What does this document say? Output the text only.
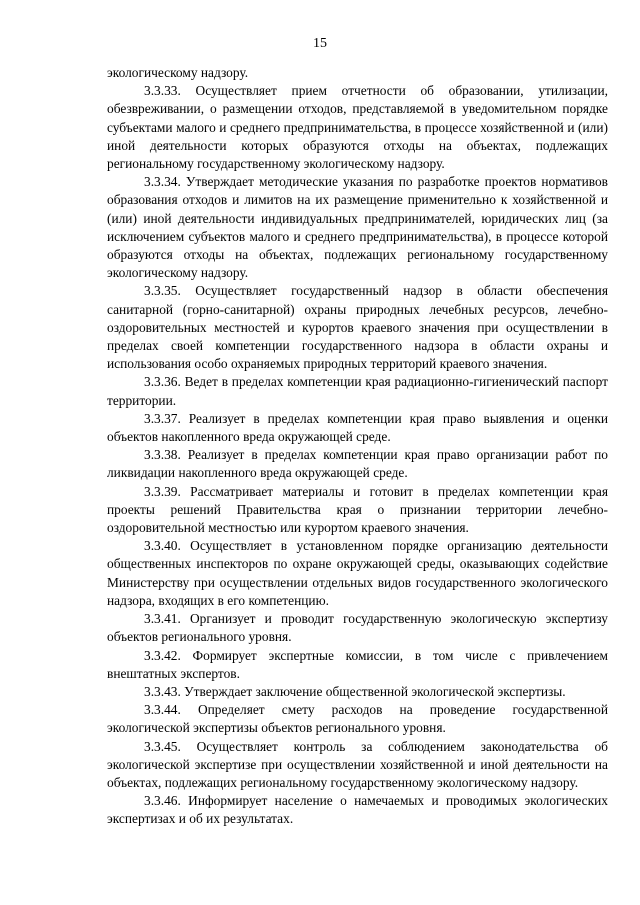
15

экологическому надзору.

3.3.33. Осуществляет прием отчетности об образовании, утилизации, обезвреживании, о размещении отходов, представляемой в уведомительном порядке субъектами малого и среднего предпринимательства, в процессе хозяйственной и (или) иной деятельности которых образуются отходы на объектах, подлежащих региональному государственному экологическому надзору.

3.3.34. Утверждает методические указания по разработке проектов нормативов образования отходов и лимитов на их размещение применительно к хозяйственной и (или) иной деятельности индивидуальных предпринимателей, юридических лиц (за исключением субъектов малого и среднего предпринимательства), в процессе которой образуются отходы на объектах, подлежащих региональному государственному экологическому надзору.

3.3.35. Осуществляет государственный надзор в области обеспечения санитарной (горно-санитарной) охраны природных лечебных ресурсов, лечебно-оздоровительных местностей и курортов краевого значения при осуществлении в пределах своей компетенции государственного надзора в области охраны и использования особо охраняемых природных территорий краевого значения.

3.3.36. Ведет в пределах компетенции края радиационно-гигиенический паспорт территории.

3.3.37. Реализует в пределах компетенции края право выявления и оценки объектов накопленного вреда окружающей среде.

3.3.38. Реализует в пределах компетенции края право организации работ по ликвидации накопленного вреда окружающей среде.

3.3.39. Рассматривает материалы и готовит в пределах компетенции края проекты решений Правительства края о признании территории лечебно-оздоровительной местностью или курортом краевого значения.

3.3.40. Осуществляет в установленном порядке организацию деятельности общественных инспекторов по охране окружающей среды, оказывающих содействие Министерству при осуществлении отдельных видов государственного экологического надзора, входящих в его компетенцию.

3.3.41. Организует и проводит государственную экологическую экспертизу объектов регионального уровня.

3.3.42. Формирует экспертные комиссии, в том числе с привлечением внештатных экспертов.

3.3.43. Утверждает заключение общественной экологической экспертизы.

3.3.44. Определяет смету расходов на проведение государственной экологической экспертизы объектов регионального уровня.

3.3.45. Осуществляет контроль за соблюдением законодательства об экологической экспертизе при осуществлении хозяйственной и иной деятельности на объектах, подлежащих региональному государственному экологическому надзору.

3.3.46. Информирует население о намечаемых и проводимых экологических экспертизах и об их результатах.
